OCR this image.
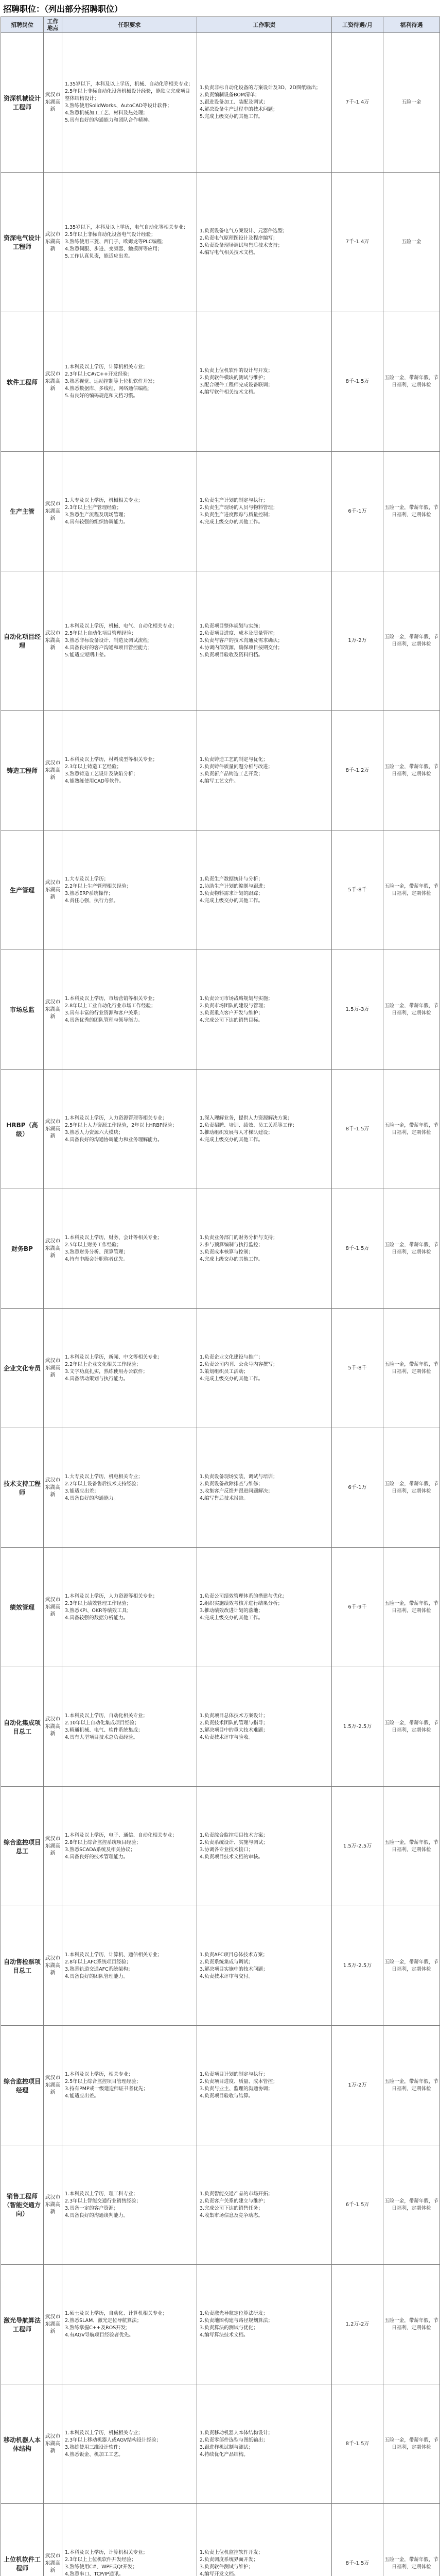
招聘职位：（列出部分招聘职位）
招聘岗位	工作地点	任职要求	工作职责	工资待遇/月	福利待遇
资深机械设计工程师	武汉市东湖高新	1.35岁以下，本科及以上学历，机械、自动化等相关专业；
2.5年以上非标自动化设备机械设计经验，能独立完成项目整体结构设计；
3.熟练使用SolidWorks、AutoCAD等设计软件；
4.熟悉机械加工工艺、材料及热处理；
5.具有良好的沟通能力和团队合作精神。	1.负责非标自动化设备的方案设计及3D、2D图纸输出；
2.负责编制设备BOM清单；
3.跟进设备加工、装配及调试；
4.解决设备生产过程中的技术问题；
5.完成上级交办的其他工作。	7千-1.4万	五险一金
资深电气设计工程师	武汉市东湖高新	1.35岁以下，本科及以上学历，电气自动化等相关专业；
2.5年以上非标自动化设备电气设计经验；
3.熟练使用三菱、西门子、欧姆龙等PLC编程；
4.熟悉伺服、步进、变频器、触摸屏等应用；
5.工作认真负责，能适应出差。	1.负责设备电气方案设计、元器件选型；
2.负责电气原理图设计及程序编写；
3.负责设备现场调试与售后技术支持；
4.编写电气相关技术文档。	7千-1.4万	五险一金
软件工程师	武汉市东湖高新	1.本科及以上学历，计算机相关专业；
2.3年以上C#/C++开发经验；
3.熟悉视觉、运动控制等上位机软件开发；
4.熟悉数据库、多线程、网络通信编程；
5.有良好的编码规范和文档习惯。	1.负责上位机软件的设计与开发；
2.负责软件模块的测试与维护；
3.配合硬件工程师完成设备联调；
4.编写软件相关技术文档。	8千-1.5万	五险一金，带薪年假，节日福利，定期体检
生产主管	武汉市东湖高新	1.大专及以上学历，机械相关专业；
2.3年以上生产管理经验；
3.熟悉生产流程及现场管理；
4.具有较强的组织协调能力。	1.负责生产计划的制定与执行；
2.负责生产现场的人员与物料管理；
3.负责生产进度跟踪与质量控制；
4.完成上级交办的其他工作。	6千-1万	五险一金，带薪年假，节日福利，定期体检
自动化项目经理	武汉市东湖高新	1.本科及以上学历，机械、电气、自动化相关专业；
2.5年以上自动化项目管理经验；
3.熟悉非标设备设计、制造及调试流程；
4.具备良好的客户沟通和项目管控能力；
5.能适应短期出差。	1.负责项目整体规划与实施；
2.负责项目进度、成本及质量管控；
3.负责与客户的技术沟通及需求确认；
4.协调内部资源，确保项目按期交付；
5.负责项目验收及资料归档。	1万-2万	五险一金，带薪年假，节日福利，定期体检
铸造工程师	武汉市东湖高新	1.本科及以上学历，材料成型等相关专业；
2.3年以上铸造工艺经验；
3.熟悉铸造工艺设计及缺陷分析；
4.能熟练使用CAD等软件。	1.负责铸造工艺的制定与优化；
2.负责铸件质量问题分析与改进；
3.负责新产品铸造工艺开发；
4.编写工艺文件。	8千-1.2万	五险一金，带薪年假，节日福利，定期体检
生产管理	武汉市东湖高新	1.大专及以上学历；
2.2年以上生产管理相关经验；
3.熟悉ERP系统操作；
4.责任心强，执行力强。	1.负责生产数据统计与分析；
2.协助生产计划的编制与跟进；
3.负责物料需求计划的跟踪；
4.完成上级交办的其他工作。	5千-8千	五险一金，带薪年假，节日福利，定期体检
市场总监	武汉市东湖高新	1.本科及以上学历，市场营销等相关专业；
2.8年以上工业自动化行业市场工作经验；
3.具有丰富的行业资源和客户关系；
4.具备优秀的团队管理与领导能力。	1.负责公司市场战略规划与实施；
2.负责市场团队的建设与管理；
3.负责重点客户开发与维护；
4.完成公司下达的销售目标。	1.5万-3万	五险一金，带薪年假，节日福利，定期体检
HRBP（高级）	武汉市东湖高新	1.本科及以上学历，人力资源管理等相关专业；
2.5年以上人力资源工作经验，2年以上HRBP经验；
3.熟悉人力资源六大模块；
4.具备良好的沟通协调能力和业务理解能力。	1.深入理解业务，提供人力资源解决方案；
2.负责招聘、培训、绩效、员工关系等工作；
3.推动组织发展与人才梯队建设；
4.完成上级交办的其他工作。	8千-1.5万	五险一金，带薪年假，节日福利，定期体检
财务BP	武汉市东湖高新	1.本科及以上学历，财务、会计等相关专业；
2.5年以上财务工作经验；
3.熟悉财务分析、预算管理；
4.持有中级会计职称者优先。	1.负责业务部门的财务分析与支持；
2.参与预算编制与执行监控；
3.负责成本核算与控制；
4.完成上级交办的其他工作。	8千-1.5万	五险一金，带薪年假，节日福利，定期体检
企业文化专员	武汉市东湖高新	1.本科及以上学历，新闻、中文等相关专业；
2.2年以上企业文化相关工作经验；
3.文字功底扎实，熟练使用办公软件；
4.具备活动策划与执行能力。	1.负责企业文化建设与推广；
2.负责公司内刊、公众号内容撰写；
3.策划组织员工活动；
4.完成上级交办的其他工作。	5千-8千	五险一金，带薪年假，节日福利，定期体检
技术支持工程师	武汉市东湖高新	1.大专及以上学历，机电相关专业；
2.2年以上设备售后技术支持经验；
3.能适应出差；
4.具备良好的沟通能力。	1.负责设备现场安装、调试与培训；
2.负责设备故障排查与维修；
3.收集客户反馈并跟进问题解决；
4.编写售后技术报告。	6千-1万	五险一金，带薪年假，节日福利，定期体检
绩效管理	武汉市东湖高新	1.本科及以上学历，人力资源等相关专业；
2.3年以上绩效管理工作经验；
3.熟悉KPI、OKR等绩效工具；
4.具备较强的数据分析能力。	1.负责公司绩效管理体系的搭建与优化；
2.组织实施绩效考核并进行结果分析；
3.推动绩效改进计划的落地；
4.完成上级交办的其他工作。	6千-9千	五险一金，带薪年假，节日福利，定期体检
自动化集成项目总工	武汉市东湖高新	1.本科及以上学历，自动化相关专业；
2.10年以上自动化集成项目经验；
3.精通机械、电气、软件系统集成；
4.具有大型项目技术总负责经验。	1.负责项目总体技术方案设计；
2.负责技术团队的管理与指导；
3.解决项目中的重大技术难题；
4.负责技术评审与验收。	1.5万-2.5万	五险一金，带薪年假，节日福利，定期体检
综合监控项目总工	武汉市东湖高新	1.本科及以上学历，电子、通信、自动化相关专业；
2.8年以上综合监控系统项目经验；
3.熟悉SCADA系统及相关协议；
4.具备良好的技术管理能力。	1.负责综合监控项目技术方案；
2.负责系统设计、实施与调试；
3.协调各专业技术接口；
4.负责项目技术文档的审核。	1.5万-2.5万	五险一金，带薪年假，节日福利，定期体检
自动售检票项目总工	武汉市东湖高新	1.本科及以上学历，计算机、通信相关专业；
2.8年以上AFC系统项目经验；
3.熟悉轨道交通AFC系统架构；
4.具备良好的团队管理能力。	1.负责AFC项目总体技术方案；
2.负责系统集成与调试；
3.解决项目实施中的技术问题；
4.负责技术评审与交付。	1.5万-2.5万	五险一金，带薪年假，节日福利，定期体检
综合监控项目经理	武汉市东湖高新	1.本科及以上学历，相关专业；
2.5年以上综合监控项目管理经验；
3.持有PMP或一级建造师证书者优先；
4.能适应出差。	1.负责项目计划的制定与执行；
2.负责项目进度、质量、成本管控；
3.负责与业主、监理的沟通协调；
4.负责项目验收与结算。	1万-2万	五险一金，带薪年假，节日福利，定期体检
销售工程师（智能交通方向）	武汉市东湖高新	1.本科及以上学历，理工科专业；
2.3年以上智能交通行业销售经验；
3.具备一定的客户资源；
4.具备良好的沟通谈判能力。	1.负责智能交通产品的市场开拓；
2.负责客户关系的建立与维护；
3.完成公司下达的销售任务；
4.收集市场信息及竞争动态。	6千-1.5万	五险一金，带薪年假，节日福利，定期体检
激光导航算法工程师	武汉市东湖高新	1.硕士及以上学历，自动化、计算机相关专业；
2.熟悉SLAM、激光定位导航算法；
3.熟练掌握C++及ROS开发；
4.有AGV导航项目经验者优先。	1.负责激光导航定位算法研发；
2.负责地图构建与路径规划算法；
3.负责算法的测试与优化；
4.编写算法技术文档。	1.2万-2万	五险一金，带薪年假，节日福利，定期体检
移动机器人本体结构	武汉市东湖高新	1.本科及以上学历，机械相关专业；
2.3年以上移动机器人或AGV结构设计经验；
3.熟练使用三维设计软件；
4.熟悉钣金、机加工工艺。	1.负责移动机器人本体结构设计；
2.负责零部件选型与图纸输出；
3.跟进样机试制与测试；
4.持续优化产品结构。	8千-1.5万	五险一金，带薪年假，节日福利，定期体检
上位机软件工程师	武汉市东湖高新	1.本科及以上学历，计算机相关专业；
2.3年以上上位机软件开发经验；
3.熟练使用C#、WPF或Qt开发；
4.熟悉串口、TCP/IP通讯。	1.负责上位机监控软件开发；
2.负责调度系统界面开发；
3.负责软件测试与维护；
4.编写开发文档。	8千-1.5万	五险一金，带薪年假，节日福利，定期体检
